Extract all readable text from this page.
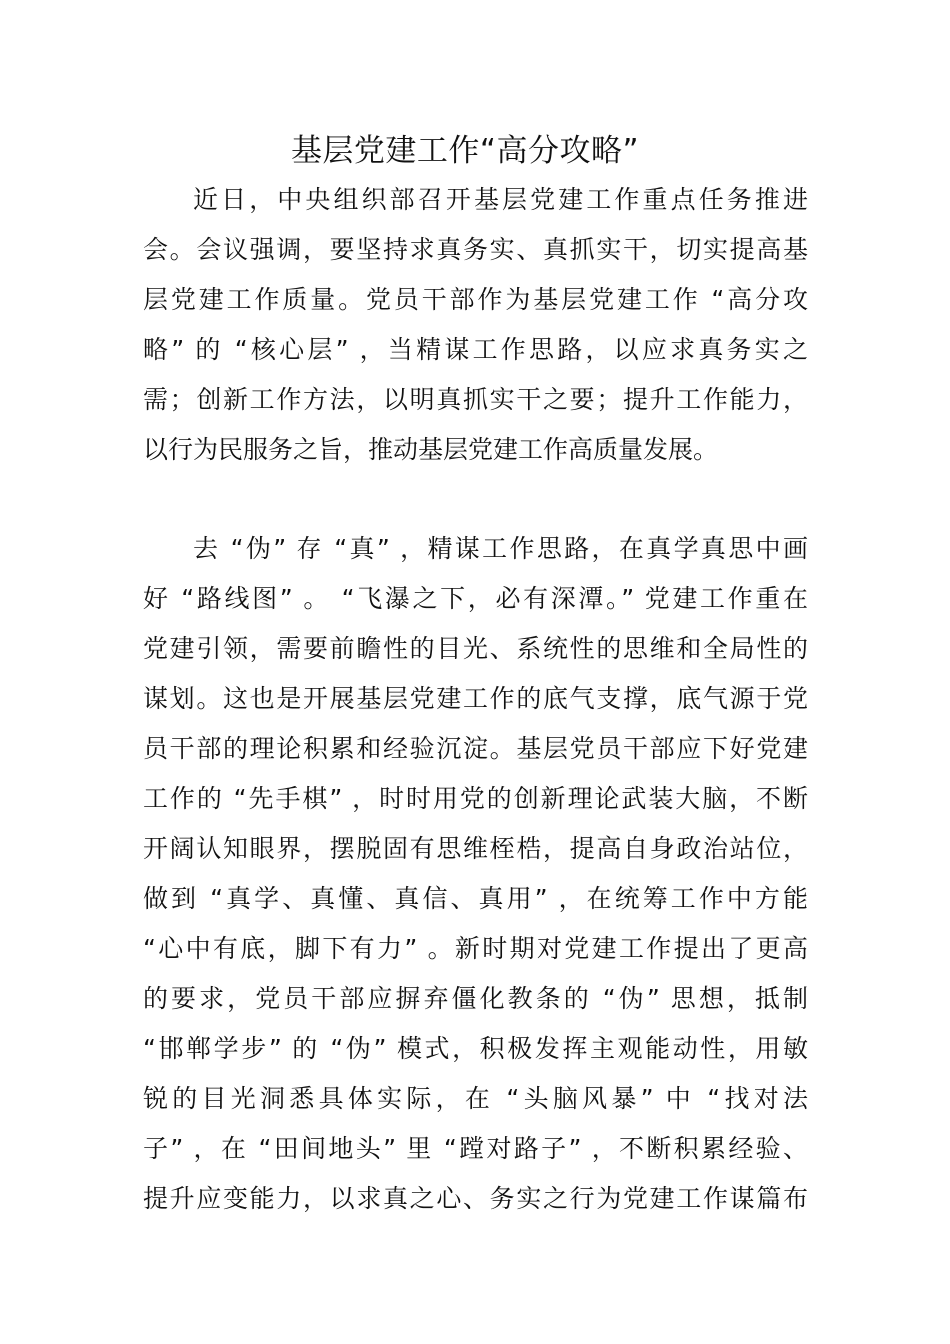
基层党建工作“高分攻略”
近日，中央组织部召开基层党建工作重点任务推进
会。会议强调，要坚持求真务实、真抓实干，切实提高基
层党建工作质量。党员干部作为基层党建工作 “高分攻
略” 的 “核心层” ，当精谋工作思路，以应求真务实之
需；创新工作方法，以明真抓实干之要；提升工作能力，
以行为民服务之旨，推动基层党建工作高质量发展。
去 “伪” 存 “真” ，精谋工作思路，在真学真思中画
好 “路线图” 。 “飞瀑之下，必有深潭。” 党建工作重在
党建引领，需要前瞻性的目光、系统性的思维和全局性的
谋划。这也是开展基层党建工作的底气支撑，底气源于党
员干部的理论积累和经验沉淀。基层党员干部应下好党建
工作的 “先手棋” ，时时用党的创新理论武装大脑，不断
开阔认知眼界，摆脱固有思维桎梏，提高自身政治站位，
做到 “真学、真懂、真信、真用” ，在统筹工作中方能
“心中有底，脚下有力” 。新时期对党建工作提出了更高
的要求，党员干部应摒弃僵化教条的 “伪” 思想，抵制
“邯郸学步” 的 “伪” 模式，积极发挥主观能动性，用敏
锐的目光洞悉具体实际，在 “头脑风暴” 中 “找对法
子” ，在 “田间地头” 里 “蹚对路子” ，不断积累经验、
提升应变能力，以求真之心、务实之行为党建工作谋篇布
